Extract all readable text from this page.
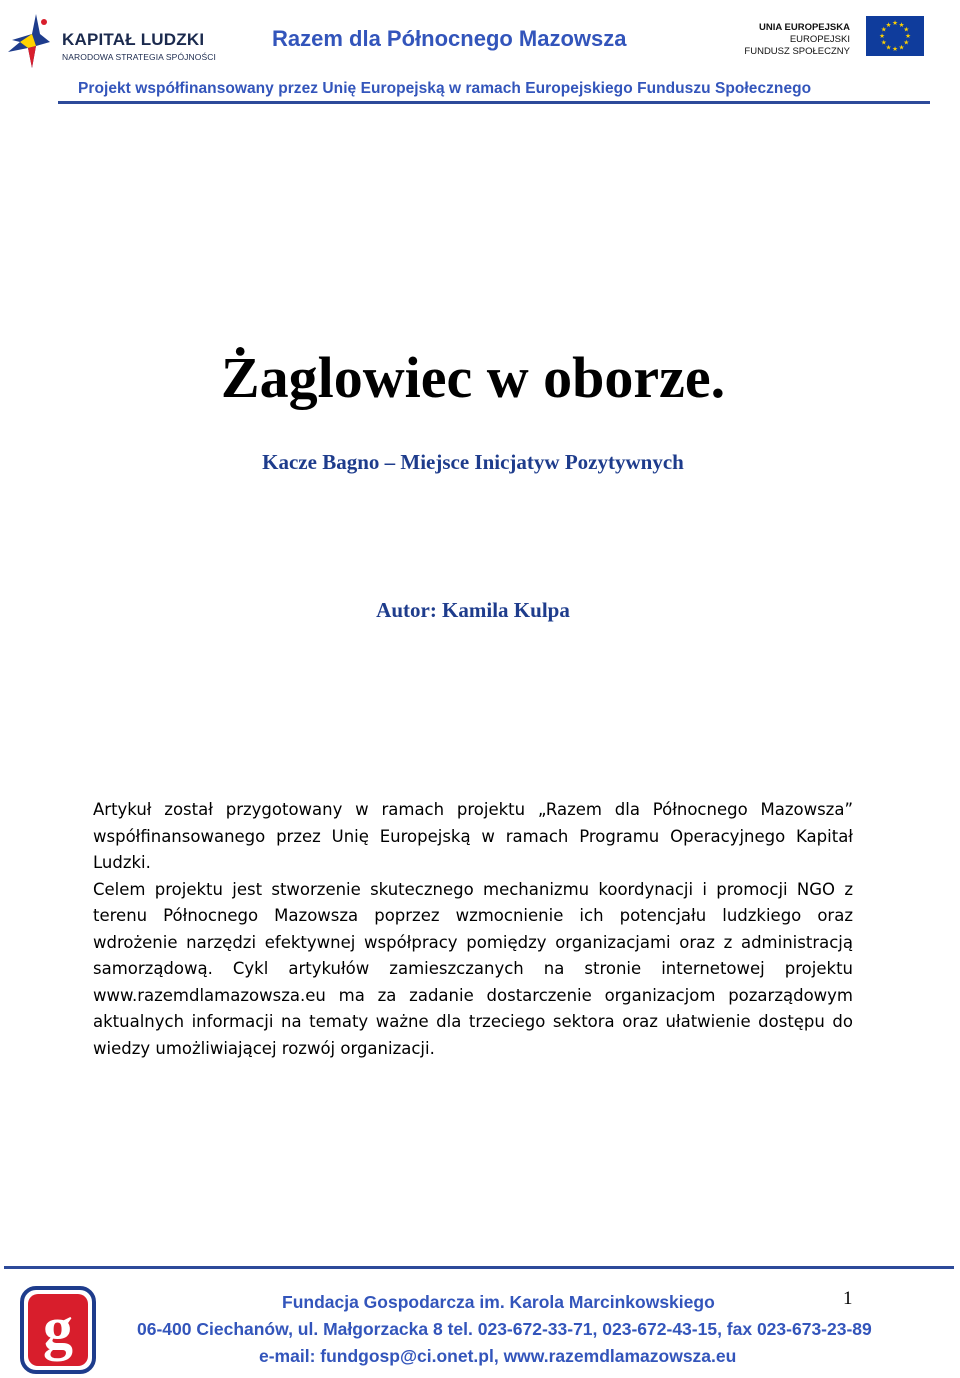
KAPITAŁ LUDZKI
NARODOWA STRATEGIA SPÓJNOŚCI
Razem dla Północnego Mazowsza	UNIA EUROPEJSKA
EUROPEJSKI
FUNDUSZ SPOŁECZNY
★ ★
★
★
★
★
★
★
★
★
★
★
Projekt współfinansowany przez Unię Europejską w ramach Europejskiego Funduszu Społecznego
Żaglowiec w oborze.
Kacze Bagno – Miejsce Inicjatyw Pozytywnych
Autor: Kamila Kulpa

Artykuł został przygotowany w ramach projektu „Razem dla Północnego Mazowsza” współfinansowanego przez Unię Europejską w ramach Programu Operacyjnego Kapitał Ludzki.

Celem projektu jest stworzenie skutecznego mechanizmu koordynacji i promocji NGO z terenu Północnego Mazowsza poprzez wzmocnienie ich potencjału ludzkiego oraz wdrożenie narzędzi efektywnej współpracy pomiędzy organizacjami oraz z administracją samorządową. Cykl artykułów zamieszczanych na stronie internetowej projektu www.razemdlamazowsza.eu ma za zadanie dostarczenie organizacjom pozarządowym aktualnych informacji na tematy ważne dla trzeciego sektora oraz ułatwienie dostępu do wiedzy umożliwiającej rozwój organizacji.

g	Fundacja Gospodarcza im. Karola Marcinkowskiego
06-400 Ciechanów, ul. Małgorzacka 8 tel. 023-672-33-71, 023-672-43-15, fax 023-673-23-89
e-mail: fundgosp@ci.onet.pl, www.razemdlamazowsza.eu
1
